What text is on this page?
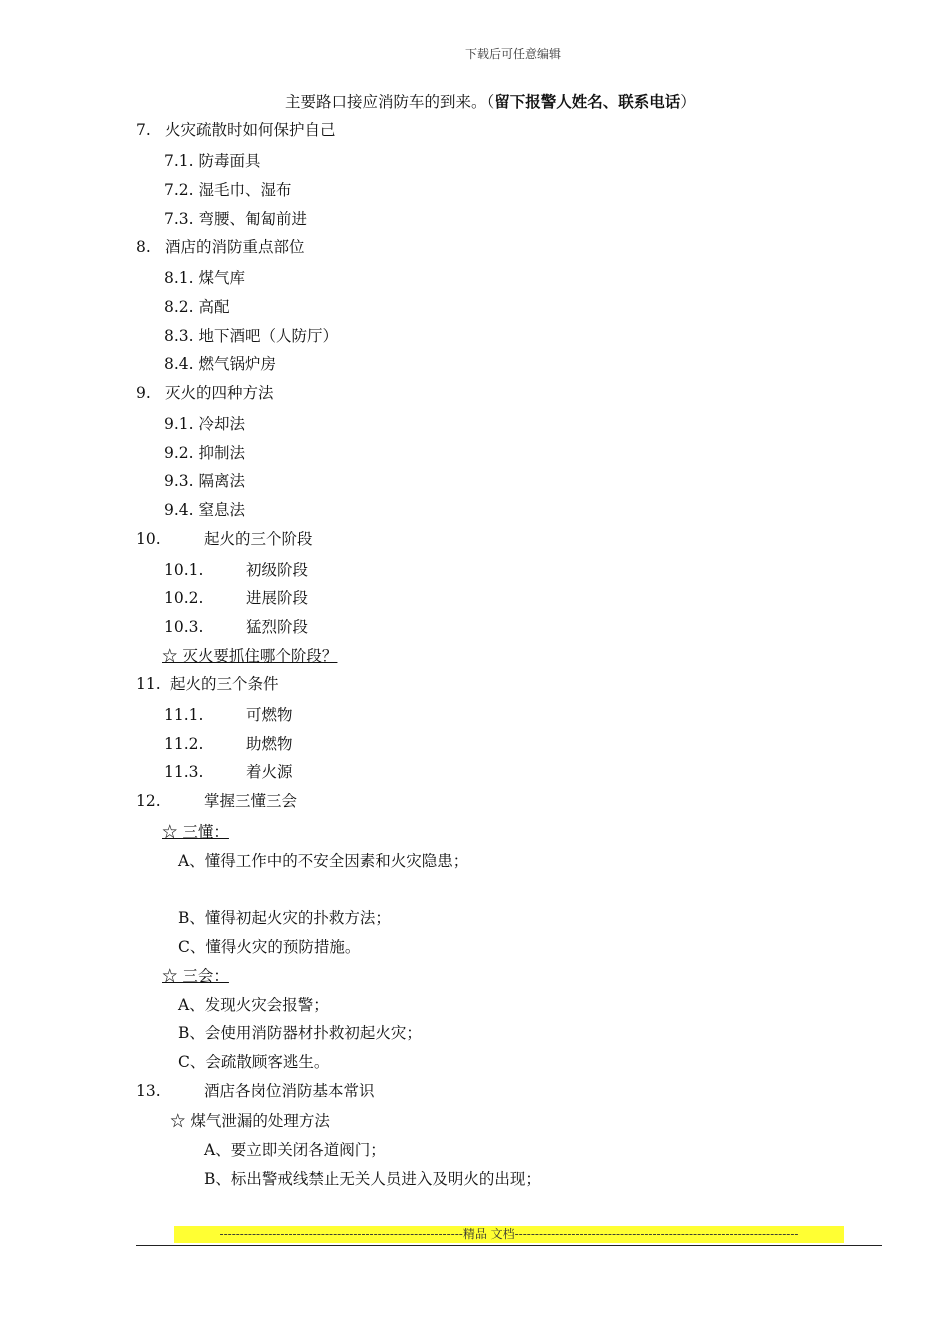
下载后可任意编辑
主要路口接应消防车的到来。（留下报警人姓名、联系电话）
7. 火灾疏散时如何保护自己
7.1. 防毒面具
7.2. 湿毛巾、湿布
7.3. 弯腰、匍匐前进
8. 酒店的消防重点部位
8.1. 煤气库
8.2. 高配
8.3. 地下酒吧（人防厅）
8.4. 燃气锅炉房
9. 灭火的四种方法
9.1. 冷却法
9.2. 抑制法
9.3. 隔离法
9.4. 窒息法
10.	起火的三个阶段
10.1.	初级阶段
10.2.	进展阶段
10.3.	猛烈阶段
☆ 灭火要抓住哪个阶段？
11. 起火的三个条件
11.1.	可燃物
11.2.	助燃物
11.3.	着火源
12.	掌握三懂三会
☆ 三懂：
A、懂得工作中的不安全因素和火灾隐患；
B、懂得初起火灾的扑救方法；
C、懂得火灾的预防措施。
☆ 三会：
A、发现火灾会报警；
B、会使用消防器材扑救初起火灾；
C、会疏散顾客逃生。
13.	酒店各岗位消防基本常识
☆ 煤气泄漏的处理方法
A、要立即关闭各道阀门；
B、标出警戒线禁止无关人员进入及明火的出现；
------------------------------------------------------------精品 文档----------------------------------------------------------------------
